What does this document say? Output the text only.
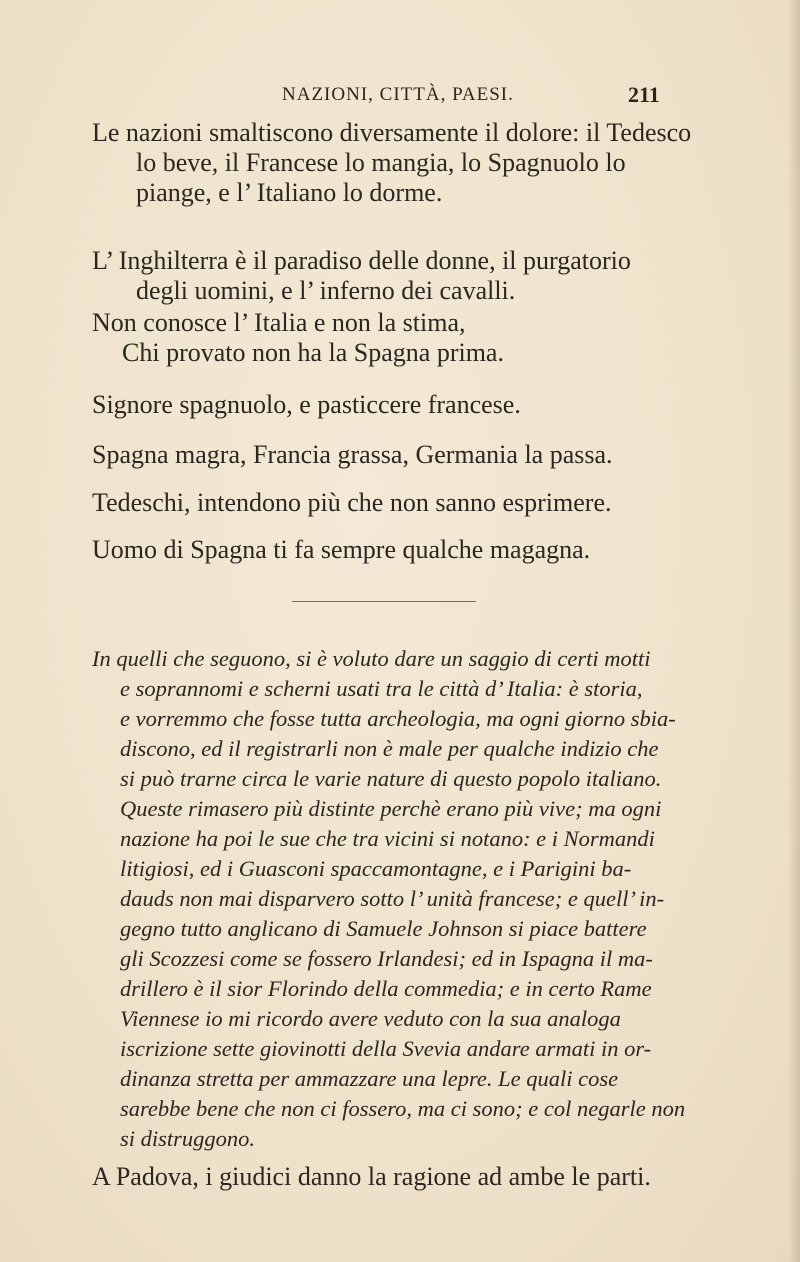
NAZIONI, CITTÀ, PAESI.	211
Le nazioni smaltiscono diversamente il dolore: il Tedesco
lo beve, il Francese lo mangia, lo Spagnuolo lo
piange, e l’ Italiano lo dorme.
L’ Inghilterra è il paradiso delle donne, il purgatorio
degli uomini, e l’ inferno dei cavalli.
Non conosce l’ Italia e non la stima,
Chi provato non ha la Spagna prima.
Signore spagnuolo, e pasticcere francese.
Spagna magra, Francia grassa, Germania la passa.
Tedeschi, intendono più che non sanno esprimere.
Uomo di Spagna ti fa sempre qualche magagna.
In quelli che seguono, si è voluto dare un saggio di certi motti
e soprannomi e scherni usati tra le città d’ Italia: è storia,
e vorremmo che fosse tutta archeologia, ma ogni giorno sbia-
discono, ed il registrarli non è male per qualche indizio che
si può trarne circa le varie nature di questo popolo italiano.
Queste rimasero più distinte perchè erano più vive; ma ogni
nazione ha poi le sue che tra vicini si notano: e i Normandi
litigiosi, ed i Guasconi spaccamontagne, e i Parigini ba-
dauds non mai disparvero sotto l’ unità francese; e quell’ in-
gegno tutto anglicano di Samuele Johnson si piace battere
gli Scozzesi come se fossero Irlandesi; ed in Ispagna il ma-
drillero è il sior Florindo della commedia; e in certo Rame
Viennese io mi ricordo avere veduto con la sua analoga
iscrizione sette giovinotti della Svevia andare armati in or-
dinanza stretta per ammazzare una lepre. Le quali cose
sarebbe bene che non ci fossero, ma ci sono; e col negarle non
si distruggono.
A Padova, i giudici danno la ragione ad ambe le parti.
